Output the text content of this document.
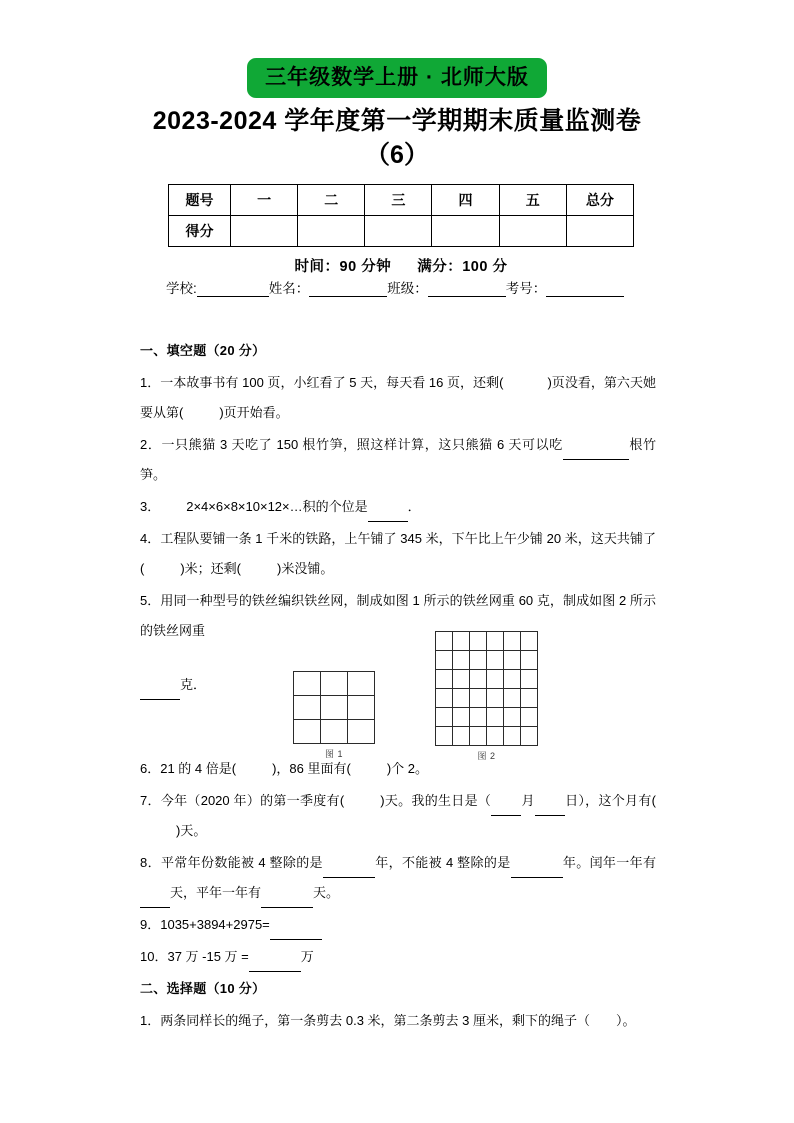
三年级数学上册 · 北师大版
2023-2024 学年度第一学期期末质量监测卷
（6）
题号	一	二	三	四	五	总分
得分						
时间：90 分钟 满分：100 分
学校:	姓名：	班级：	考号：
一、填空题（20 分）

1．一本故事书有 100 页，小红看了 5 天，每天看 16 页，还剩(	)页没看，第六天她要从第(	)页开始看。

2．一只熊猫 3 天吃了 150 根竹笋，照这样计算，这只熊猫 6 天可以吃	根竹笋。

3． 2×4×6×8×10×12×…积的个位是	．

4．工程队要铺一条 1 千米的铁路，上午铺了 345 米，下午比上午少铺 20 米，这天共铺了(	)米；还剩(	)米没铺。

5．用同一种型号的铁丝编织铁丝网，制成如图 1 所示的铁丝网重 60 克，制成如图 2 所示的铁丝网重

克．

6．21 的 4 倍是(	)，86 里面有(	)个 2。

7．今年（2020 年）的第一季度有(	)天。我的生日是（ 月 日），这个月有()天。

8．平常年份数能被 4 整除的是	年，不能被 4 整除的是	年。闰年一年有天，平年一年有	天。

9．1035+3894+2975=

10．37 万 -15 万 =	万

二、选择题（10 分）

1．两条同样长的绳子，第一条剪去 0.3 米，第二条剪去 3 厘米，剩下的绳子（ ）。

图 1	图 2
